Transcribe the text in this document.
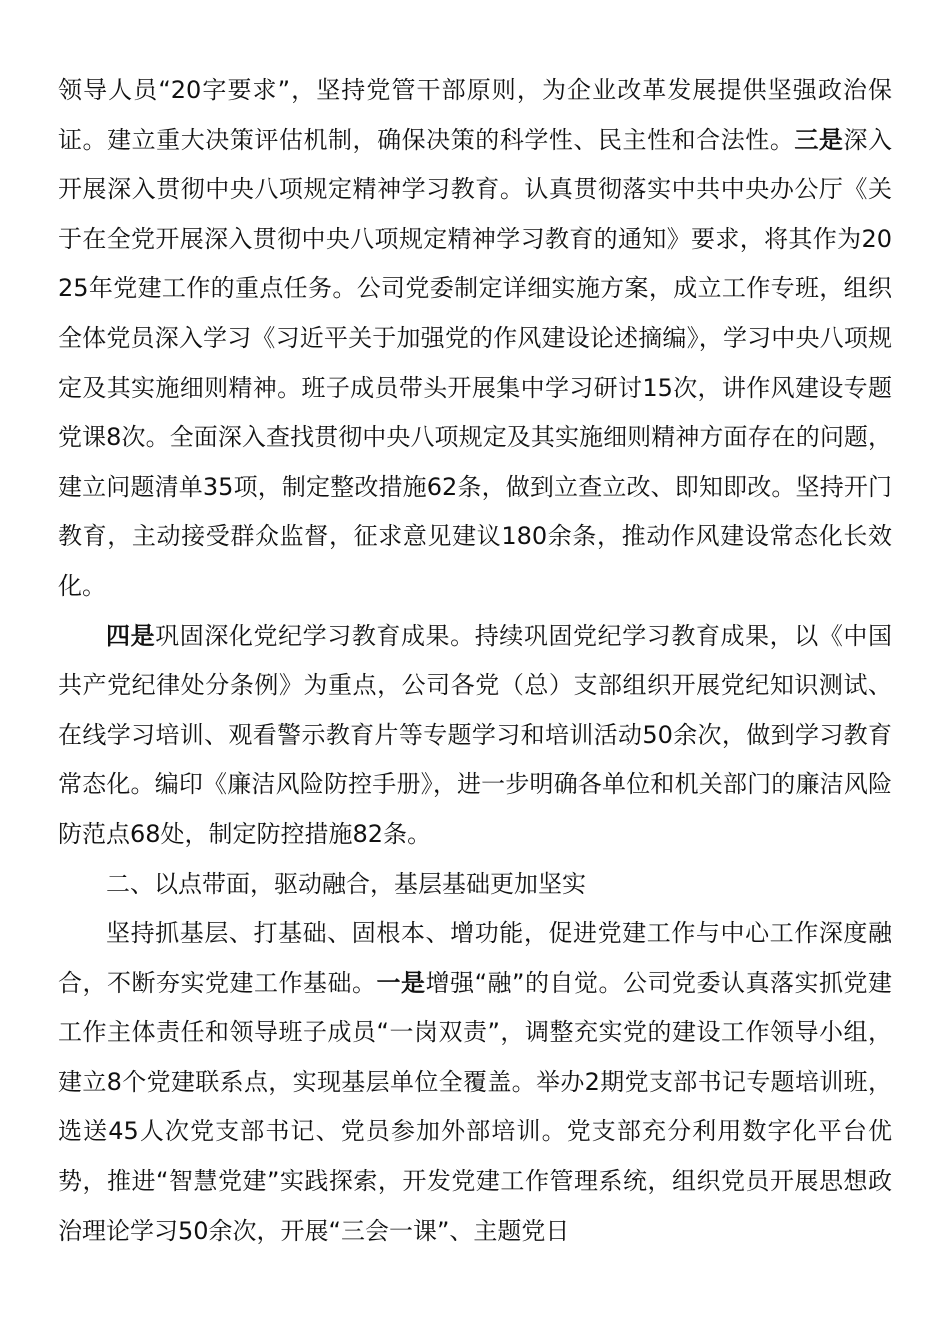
领导人员“20字要求”，坚持党管干部原则，为企业改革发展提供坚强政治保证。建立重大决策评估机制，确保决策的科学性、民主性和合法性。三是深入开展深入贯彻中央八项规定精神学习教育。认真贯彻落实中共中央办公厅《关于在全党开展深入贯彻中央八项规定精神学习教育的通知》要求，将其作为2025年党建工作的重点任务。公司党委制定详细实施方案，成立工作专班，组织全体党员深入学习《习近平关于加强党的作风建设论述摘编》，学习中央八项规定及其实施细则精神。班子成员带头开展集中学习研讨15次，讲作风建设专题党课8次。全面深入查找贯彻中央八项规定及其实施细则精神方面存在的问题，建立问题清单35项，制定整改措施62条，做到立查立改、即知即改。坚持开门教育，主动接受群众监督，征求意见建议180余条，推动作风建设常态化长效化。

四是巩固深化党纪学习教育成果。持续巩固党纪学习教育成果，以《中国共产党纪律处分条例》为重点，公司各党（总）支部组织开展党纪知识测试、在线学习培训、观看警示教育片等专题学习和培训活动50余次，做到学习教育常态化。编印《廉洁风险防控手册》，进一步明确各单位和机关部门的廉洁风险防范点68处，制定防控措施82条。

二、以点带面，驱动融合，基层基础更加坚实

坚持抓基层、打基础、固根本、增功能，促进党建工作与中心工作深度融合，不断夯实党建工作基础。一是增强“融”的自觉。公司党委认真落实抓党建工作主体责任和领导班子成员“一岗双责”，调整充实党的建设工作领导小组，建立8个党建联系点，实现基层单位全覆盖。举办2期党支部书记专题培训班，选送45人次党支部书记、党员参加外部培训。党支部充分利用数字化平台优势，推进“智慧党建”实践探索，开发党建工作管理系统，组织党员开展思想政治理论学习50余次，开展“三会一课”、主题党日
